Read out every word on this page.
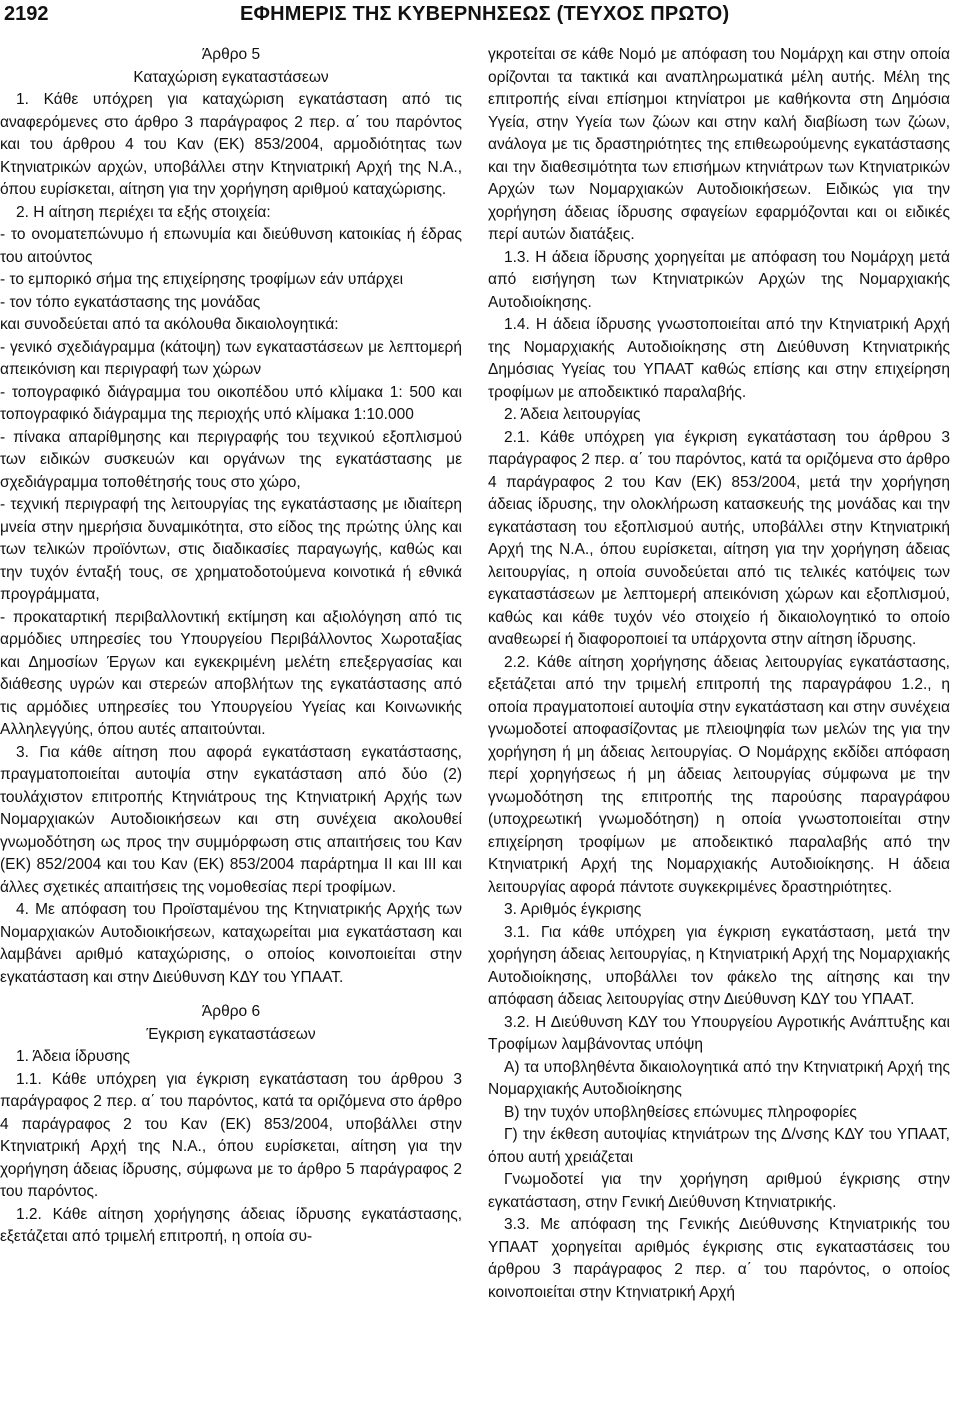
2192	ΕΦΗΜΕΡΙΣ ΤΗΣ ΚΥΒΕΡΝΗΣΕΩΣ (ΤΕΥΧΟΣ ΠΡΩΤΟ)

Άρθρο 5

Καταχώριση εγκαταστάσεων

1. Κάθε υπόχρεη για καταχώριση εγκατάσταση από τις αναφερόμενες στο άρθρο 3 παράγραφος 2 περ. α΄ του παρόντος και του άρθρου 4 του Καν (ΕΚ) 853/2004, αρμοδιότητας των Κτηνιατρικών αρχών, υποβάλλει στην Κτηνιατρική Αρχή της Ν.Α., όπου ευρίσκεται, αίτηση για την χορήγηση αριθμού καταχώρισης.

2. Η αίτηση περιέχει τα εξής στοιχεία:

- το ονοματεπώνυμο ή επωνυμία και διεύθυνση κατοικίας ή έδρας του αιτούντος

- το εμπορικό σήμα της επιχείρησης τροφίμων εάν υπάρχει

- τον τόπο εγκατάστασης της μονάδας

και συνοδεύεται από τα ακόλουθα δικαιολογητικά:

- γενικό σχεδιάγραμμα (κάτοψη) των εγκαταστάσεων με λεπτομερή απεικόνιση και περιγραφή των χώρων

- τοπογραφικό διάγραμμα του οικοπέδου υπό κλίμακα 1: 500 και τοπογραφικό διάγραμμα της περιοχής υπό κλίμακα 1:10.000

- πίνακα απαρίθμησης και περιγραφής του τεχνικού εξοπλισμού των ειδικών συσκευών και οργάνων της εγκατάστασης με σχεδιάγραμμα τοποθέτησής τους στο χώρο,

- τεχνική περιγραφή της λειτουργίας της εγκατάστασης με ιδιαίτερη μνεία στην ημερήσια δυναμικότητα, στο είδος της πρώτης ύλης και των τελικών προϊόντων, στις διαδικασίες παραγωγής, καθώς και την τυχόν ένταξή τους, σε χρηματοδοτούμενα κοινοτικά ή εθνικά προγράμματα,

- προκαταρτική περιβαλλοντική εκτίμηση και αξιολόγηση από τις αρμόδιες υπηρεσίες του Υπουργείου Περιβάλλοντος Χωροταξίας και Δημοσίων Έργων και εγκεκριμένη μελέτη επεξεργασίας και διάθεσης υγρών και στερεών αποβλήτων της εγκατάστασης από τις αρμόδιες υπηρεσίες του Υπουργείου Υγείας και Κοινωνικής Αλληλεγγύης, όπου αυτές απαιτούνται.

3. Για κάθε αίτηση που αφορά εγκατάσταση εγκατάστασης, πραγματοποιείται αυτοψία στην εγκατάσταση από δύο (2) τουλάχιστον επιτροπής Κτηνιάτρους της Κτηνιατρική Αρχής των Νομαρχιακών Αυτοδιοικήσεων και στη συνέχεια ακολουθεί γνωμοδότηση ως προς την συμμόρφωση στις απαιτήσεις του Καν (ΕΚ) 852/2004 και του Καν (ΕΚ) 853/2004 παράρτημα ΙΙ και ΙΙΙ και άλλες σχετικές απαιτήσεις της νομοθεσίας περί τροφίμων.

4. Με απόφαση του Προϊσταμένου της Κτηνιατρικής Αρχής των Νομαρχιακών Αυτοδιοικήσεων, καταχωρείται μια εγκατάσταση και λαμβάνει αριθμό καταχώρισης, ο οποίος κοινοποιείται στην εγκατάσταση και στην Διεύθυνση ΚΔΥ του ΥΠΑΑΤ.

Άρθρο 6

Έγκριση εγκαταστάσεων

1. Άδεια ίδρυσης

1.1. Κάθε υπόχρεη για έγκριση εγκατάσταση του άρθρου 3 παράγραφος 2 περ. α΄ του παρόντος, κατά τα οριζόμενα στο άρθρο 4 παράγραφος 2 του Καν (ΕΚ) 853/2004, υποβάλλει στην Κτηνιατρική Αρχή της Ν.Α., όπου ευρίσκεται, αίτηση για την χορήγηση άδειας ίδρυσης, σύμφωνα με το άρθρο 5 παράγραφος 2 του παρόντος.

1.2. Κάθε αίτηση χορήγησης άδειας ίδρυσης εγκατάστασης, εξετάζεται από τριμελή επιτροπή, η οποία συ-

γκροτείται σε κάθε Νομό με απόφαση του Νομάρχη και στην οποία ορίζονται τα τακτικά και αναπληρωματικά μέλη αυτής. Μέλη της επιτροπής είναι επίσημοι κτηνίατροι με καθήκοντα στη Δημόσια Υγεία, στην Υγεία των ζώων και στην καλή διαβίωση των ζώων, ανάλογα με τις δραστηριότητες της επιθεωρούμενης εγκατάστασης και την διαθεσιμότητα των επισήμων κτηνιάτρων των Κτηνιατρικών Αρχών των Νομαρχιακών Αυτοδιοικήσεων. Ειδικώς για την χορήγηση άδειας ίδρυσης σφαγείων εφαρμόζονται και οι ειδικές περί αυτών διατάξεις.

1.3. Η άδεια ίδρυσης χορηγείται με απόφαση του Νομάρχη μετά από εισήγηση των Κτηνιατρικών Αρχών της Νομαρχιακής Αυτοδιοίκησης.

1.4. Η άδεια ίδρυσης γνωστοποιείται από την Κτηνιατρική Αρχή της Νομαρχιακής Αυτοδιοίκησης στη Διεύθυνση Κτηνιατρικής Δημόσιας Υγείας του ΥΠΑΑΤ καθώς επίσης και στην επιχείρηση τροφίμων με αποδεικτικό παραλαβής.

2. Άδεια λειτουργίας

2.1. Κάθε υπόχρεη για έγκριση εγκατάσταση του άρθρου 3 παράγραφος 2 περ. α΄ του παρόντος, κατά τα οριζόμενα στο άρθρο 4 παράγραφος 2 του Καν (ΕΚ) 853/2004, μετά την χορήγηση άδειας ίδρυσης, την ολοκλήρωση κατασκευής της μονάδας και την εγκατάσταση του εξοπλισμού αυτής, υποβάλλει στην Κτηνιατρική Αρχή της Ν.Α., όπου ευρίσκεται, αίτηση για την χορήγηση άδειας λειτουργίας, η οποία συνοδεύεται από τις τελικές κατόψεις των εγκαταστάσεων με λεπτομερή απεικόνιση χώρων και εξοπλισμού, καθώς και κάθε τυχόν νέο στοιχείο ή δικαιολογητικό το οποίο αναθεωρεί ή διαφοροποιεί τα υπάρχοντα στην αίτηση ίδρυσης.

2.2. Κάθε αίτηση χορήγησης άδειας λειτουργίας εγκατάστασης, εξετάζεται από την τριμελή επιτροπή της παραγράφου 1.2., η οποία πραγματοποιεί αυτοψία στην εγκατάσταση και στην συνέχεια γνωμοδοτεί αποφασίζοντας με πλειοψηφία των μελών της για την χορήγηση ή μη άδειας λειτουργίας. Ο Νομάρχης εκδίδει απόφαση περί χορηγήσεως ή μη άδειας λειτουργίας σύμφωνα με την γνωμοδότηση της επιτροπής της παρούσης παραγράφου (υποχρεωτική γνωμοδότηση) η οποία γνωστοποιείται στην επιχείρηση τροφίμων με αποδεικτικό παραλαβής από την Κτηνιατρική Αρχή της Νομαρχιακής Αυτοδιοίκησης. Η άδεια λειτουργίας αφορά πάντοτε συγκεκριμένες δραστηριότητες.

3. Αριθμός έγκρισης

3.1. Για κάθε υπόχρεη για έγκριση εγκατάσταση, μετά την χορήγηση άδειας λειτουργίας, η Κτηνιατρική Αρχή της Νομαρχιακής Αυτοδιοίκησης, υποβάλλει τον φάκελο της αίτησης και την απόφαση άδειας λειτουργίας στην Διεύθυνση ΚΔΥ του ΥΠΑΑΤ.

3.2. Η Διεύθυνση ΚΔΥ του Υπουργείου Αγροτικής Ανάπτυξης και Τροφίμων λαμβάνοντας υπόψη

Α) τα υποβληθέντα δικαιολογητικά από την Κτηνιατρική Αρχή της Νομαρχιακής Αυτοδιοίκησης

Β) την τυχόν υποβληθείσες επώνυμες πληροφορίες

Γ) την έκθεση αυτοψίας κτηνιάτρων της Δ/νσης ΚΔΥ του ΥΠΑΑΤ, όπου αυτή χρειάζεται

Γνωμοδοτεί για την χορήγηση αριθμού έγκρισης στην εγκατάσταση, στην Γενική Διεύθυνση Κτηνιατρικής.

3.3. Με απόφαση της Γενικής Διεύθυνσης Κτηνιατρικής του ΥΠΑΑΤ χορηγείται αριθμός έγκρισης στις εγκαταστάσεις του άρθρου 3 παράγραφος 2 περ. α΄ του παρόντος, ο οποίος κοινοποιείται στην Κτηνιατρική Αρχή
